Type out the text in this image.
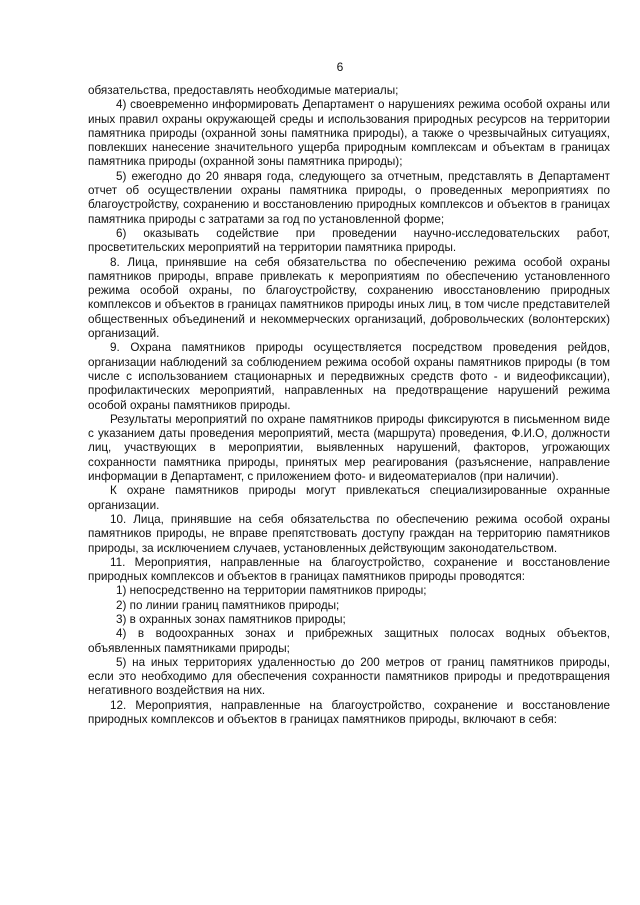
6

обязательства, предоставлять необходимые материалы;

4) своевременно информировать Департамент о нарушениях режима особой охраны или иных правил охраны окружающей среды и использования природных ресурсов на территории памятника природы (охранной зоны памятника природы), а также о чрезвычайных ситуациях, повлекших нанесение значительного ущерба природным комплексам и объектам в границах памятника природы (охранной зоны памятника природы);

5) ежегодно до 20 января года, следующего за отчетным, представлять в Департамент отчет об осуществлении охраны памятника природы, о проведенных мероприятиях по благоустройству, сохранению и восстановлению природных комплексов и объектов в границах памятника природы с затратами за год по установленной форме;

6) оказывать содействие при проведении научно-исследовательских работ, просветительских мероприятий на территории памятника природы.

8. Лица, принявшие на себя обязательства по обеспечению режима особой охраны памятников природы, вправе привлекать к мероприятиям по обеспечению установленного режима особой охраны, по благоустройству, сохранению ивосстановлению природных комплексов и объектов в границах памятников природы иных лиц, в том числе представителей общественных объединений и некоммерческих организаций, добровольческих (волонтерских) организаций.

9. Охрана памятников природы осуществляется посредством проведения рейдов, организации наблюдений за соблюдением режима особой охраны памятников природы (в том числе с использованием стационарных и передвижных средств фото - и видеофиксации), профилактических мероприятий, направленных на предотвращение нарушений режима особой охраны памятников природы.

Результаты мероприятий по охране памятников природы фиксируются в письменном виде с указанием даты проведения мероприятий, места (маршрута) проведения, Ф.И.О, должности лиц, участвующих в мероприятии, выявленных нарушений, факторов, угрожающих сохранности памятника природы, принятых мер реагирования (разъяснение, направление информации в Департамент, с приложением фото- и видеоматериалов (при наличии).

К охране памятников природы могут привлекаться специализированные охранные организации.

10. Лица, принявшие на себя обязательства по обеспечению режима особой охраны памятников природы, не вправе препятствовать доступу граждан на территорию памятников природы, за исключением случаев, установленных действующим законодательством.

11. Мероприятия, направленные на благоустройство, сохранение и восстановление природных комплексов и объектов в границах памятников природы проводятся:

1) непосредственно на территории памятников природы;

2) по линии границ памятников природы;

3) в охранных зонах памятников природы;

4) в водоохранных зонах и прибрежных защитных полосах водных объектов, объявленных памятниками природы;

5) на иных территориях удаленностью до 200 метров от границ памятников природы, если это необходимо для обеспечения сохранности памятников природы и предотвращения негативного воздействия на них.

12. Мероприятия, направленные на благоустройство, сохранение и восстановление природных комплексов и объектов в границах памятников природы, включают в себя:
